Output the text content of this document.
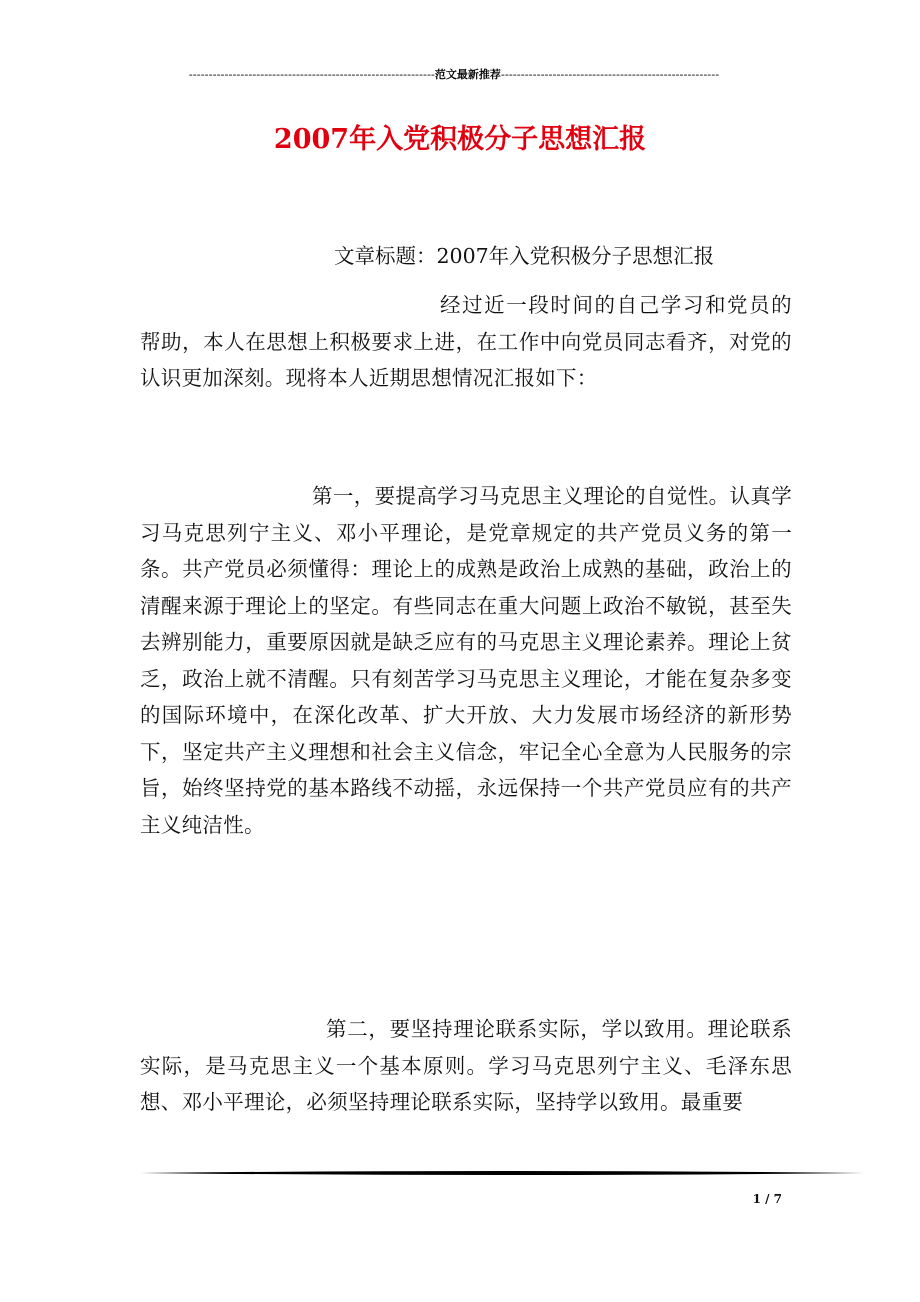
--------------------------------------------------------------范文最新推荐-------------------------------------------------------
2007年入党积极分子思想汇报

文章标题：2007年入党积极分子思想汇报

经过近一段时间的自己学习和党员的帮助，本人在思想上积极要求上进，在工作中向党员同志看齐，对党的认识更加深刻。现将本人近期思想情况汇报如下：

第一，要提高学习马克思主义理论的自觉性。认真学习马克思列宁主义、邓小平理论，是党章规定的共产党员义务的第一条。共产党员必须懂得：理论上的成熟是政治上成熟的基础，政治上的清醒来源于理论上的坚定。有些同志在重大问题上政治不敏锐，甚至失去辨别能力，重要原因就是缺乏应有的马克思主义理论素养。理论上贫乏，政治上就不清醒。只有刻苦学习马克思主义理论，才能在复杂多变的国际环境中，在深化改革、扩大开放、大力发展市场经济的新形势下，坚定共产主义理想和社会主义信念，牢记全心全意为人民服务的宗旨，始终坚持党的基本路线不动摇，永远保持一个共产党员应有的共产主义纯洁性。

第二，要坚持理论联系实际，学以致用。理论联系实际，是马克思主义一个基本原则。学习马克思列宁主义、毛泽东思想、邓小平理论，必须坚持理论联系实际，坚持学以致用。最重要

1 / 7
